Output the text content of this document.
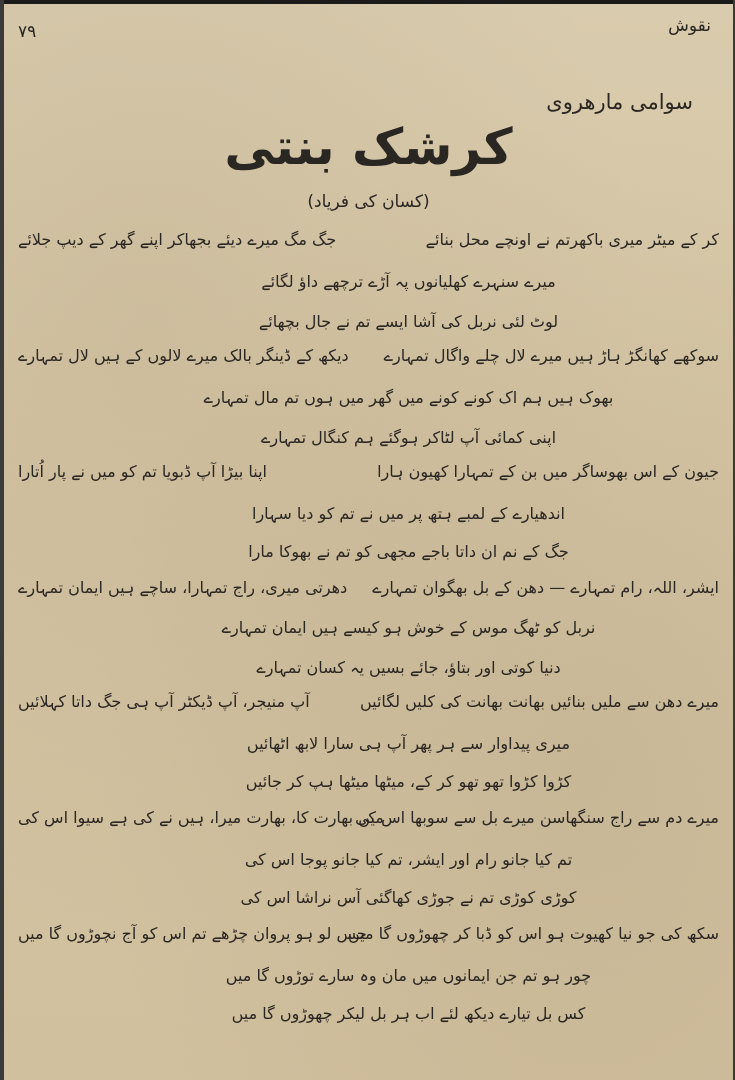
۷۹	نقوش
سوامی مارھروی
کرشک بنتی
(کسان کی فریاد)
کر کے میٹر میری باکھرتم نے اونچے محل بنائے
جگ مگ میرے دیئے بجھاکر اپنے گھر کے دیپ جلائے
میرے سنہرے کھلیانوں پہ آڑے ترچھے داؤ لگائے
لوٹ لئی نربل کی آشا ایسے تم نے جال بچھائے
سوکھے کھانگڑ ہاڑ ہیں میرے لال چلے واگال تمہارے
دیکھ کے ڈینگر بالک میرے لالوں کے ہیں لال تمہارے
بھوک ہیں ہم اک کونے کونے میں گھر میں ہوں تم مال تمہارے
اپنی کمائی آپ لٹاکر ہوگئے ہم کنگال تمہارے
جیون کے اس بھوساگر میں بن کے تمہارا کھیون ہارا
اپنا بیڑا آپ ڈبویا تم کو میں نے پار اُتارا
اندھیارے کے لمبے ہتھ پر میں نے تم کو دیا سہارا
جگ کے نم ان داتا باجے مجھی کو تم نے بھوکا مارا
ایشر، اللہ، رام تمہارے — دھن کے بل بھگوان تمہارے
دھرتی میری، راج تمہارا، ساچے ہیں ایمان تمہارے
نربل کو ٹھگ موس کے خوش ہو کیسے ہیں ایمان تمہارے
دنیا کوتی اور بتاؤ، جائے بسیں یہ کسان تمہارے
میرے دھن سے ملیں بنائیں بھانت بھانت کی کلیں لگائیں
آپ منیجر، آپ ڈیکٹر آپ ہی جگ داتا کہلائیں
میری پیداوار سے ہر پھر آپ ہی سارا لابھ اٹھائیں
کڑوا کڑوا تھو تھو کر کے، میٹھا میٹھا ہپ کر جائیں
میرے دم سے راج سنگھاسن میرے بل سے سوبھا اس کی
میں بھارت کا، بھارت میرا، ہیں نے کی ہے سیوا اس کی
تم کیا جانو رام اور ایشر، تم کیا جانو پوجا اس کی
کوڑی کوڑی تم نے جوڑی کھاگئی آس نراشا اس کی
سکھ کی جو نیا کھیوت ہو اس کو ڈبا کر چھوڑوں گا میں
جس لو ہو پروان چڑھے تم اس کو آج نچوڑوں گا میں
چور ہو تم جن ایمانوں میں مان وہ سارے توڑوں گا میں
کس بل تیارے دیکھ لئے اب ہر بل لیکر چھوڑوں گا میں
